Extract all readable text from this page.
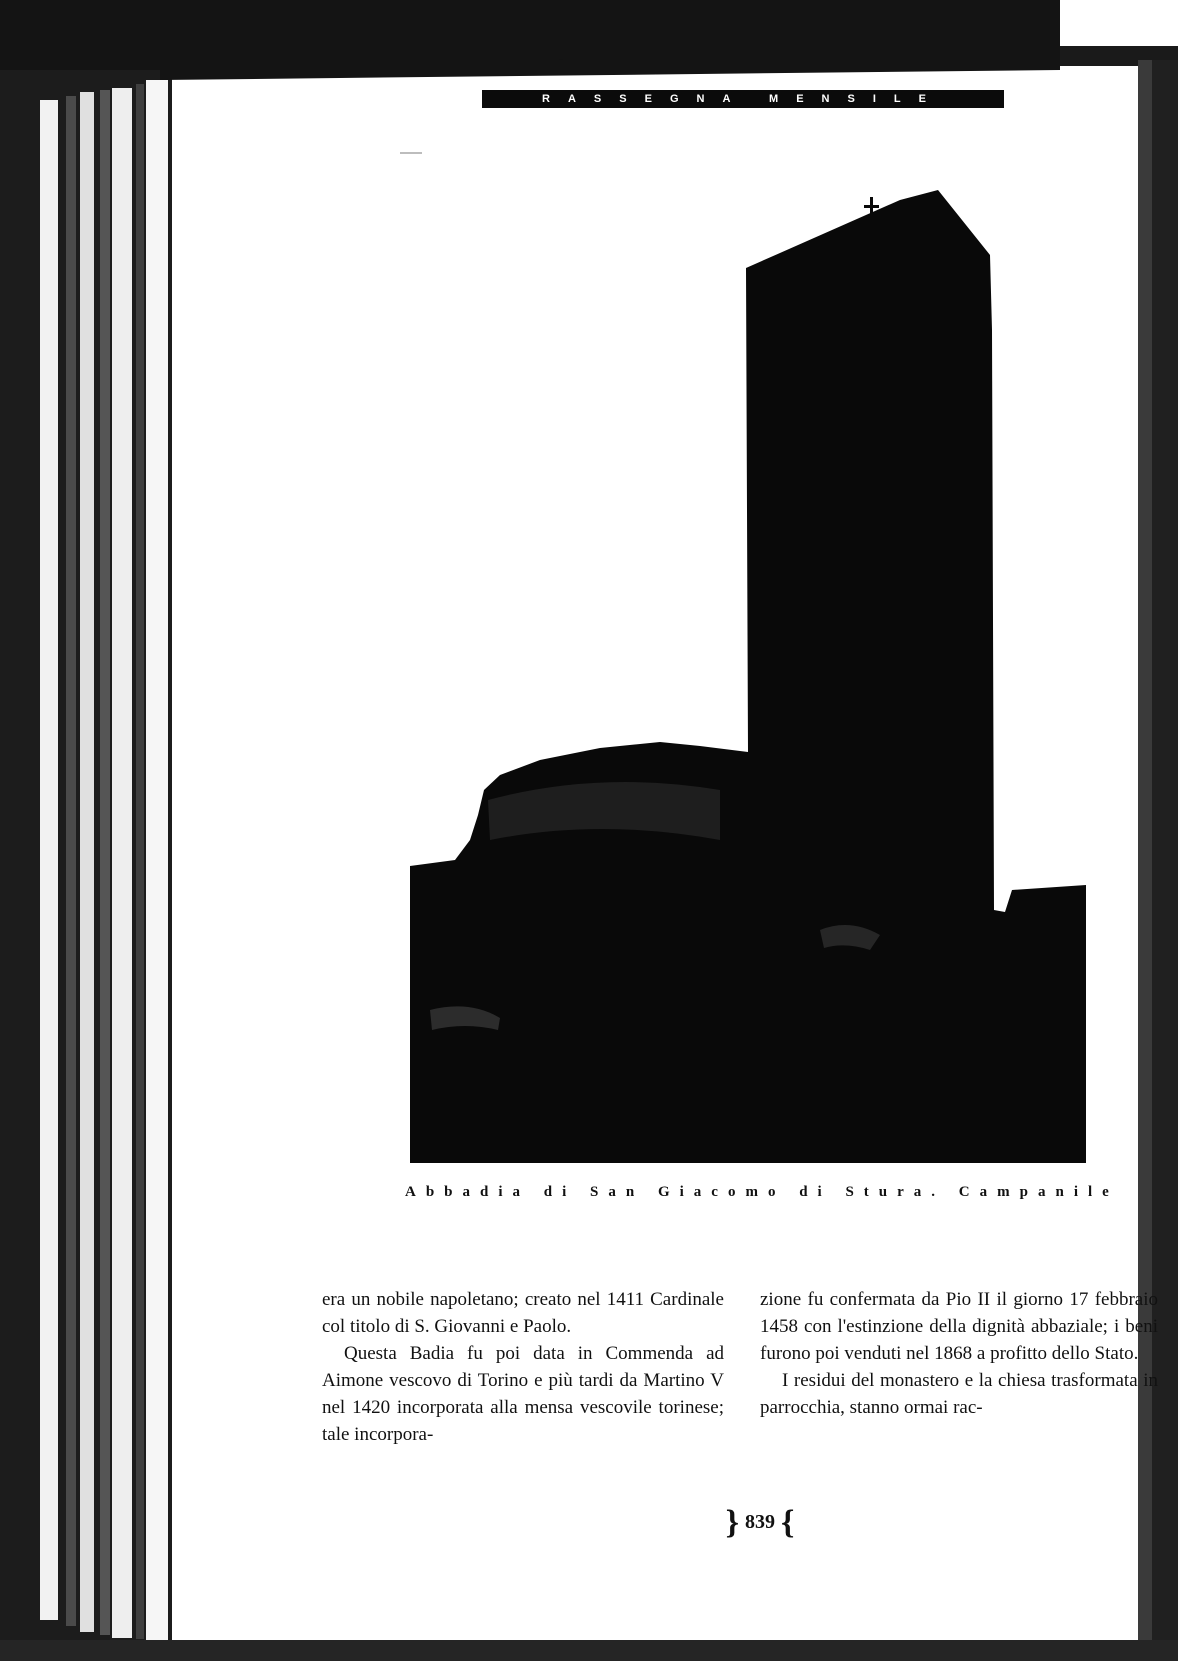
RASSEGNA MENSILE
Abbadia di San Giacomo di Stura. Campanile

era un nobile napoletano; creato nel 1411 Cardinale col titolo di S. Giovanni e Paolo.

Questa Badia fu poi data in Commenda ad Aimone vescovo di Torino e più tardi da Martino V nel 1420 incorporata alla mensa vescovile torinese; tale incorpora-

zione fu confermata da Pio II il giorno 17 febbraio 1458 con l'estinzione della dignità abbaziale; i beni furono poi venduti nel 1868 a profitto dello Stato.

I residui del monastero e la chiesa trasformata in parrocchia, stanno ormai rac-

} 839 {
